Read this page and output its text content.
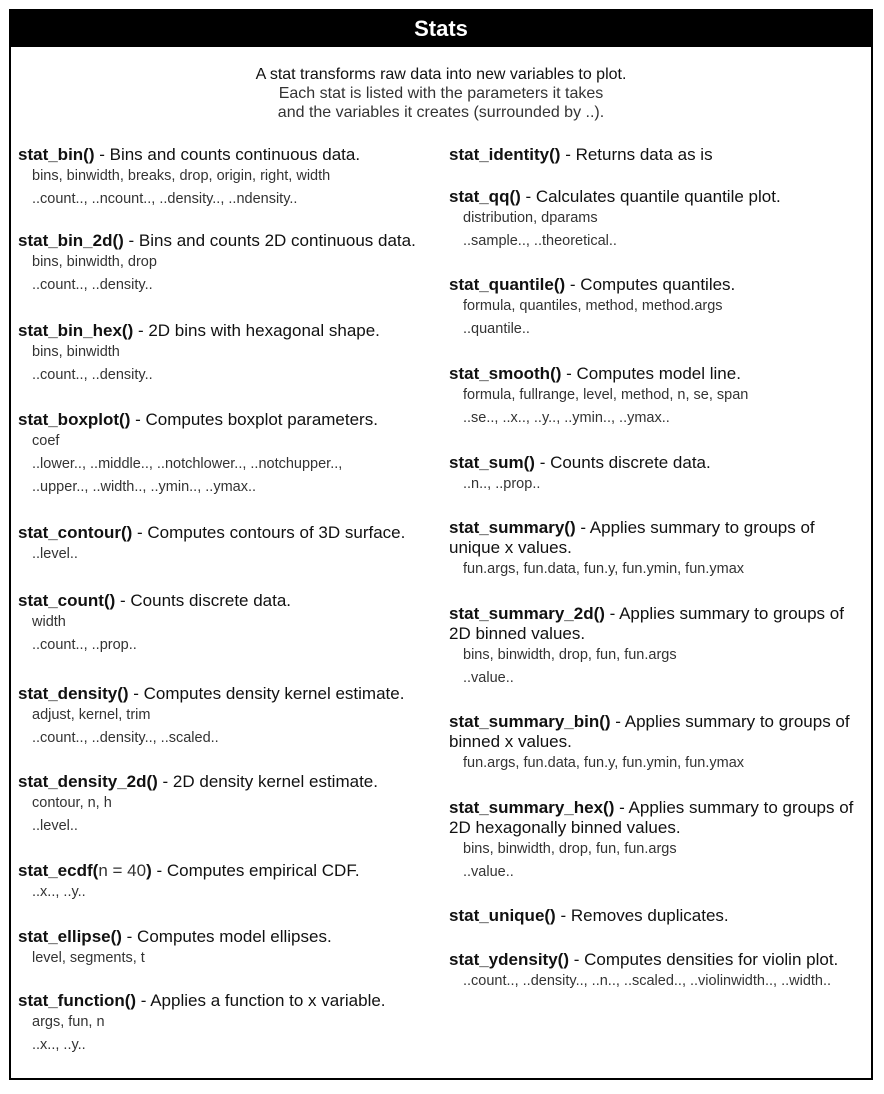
Stats
A stat transforms raw data into new variables to plot.
Each stat is listed with the parameters it takes
and the variables it creates (surrounded by ..).
stat_bin() - Bins and counts continuous data.
bins, binwidth, breaks, drop, origin, right, width
..count.., ..ncount.., ..density.., ..ndensity..
stat_bin_2d() - Bins and counts 2D continuous data.
bins, binwidth, drop
..count.., ..density..
stat_bin_hex() - 2D bins with hexagonal shape.
bins, binwidth
..count.., ..density..
stat_boxplot() - Computes boxplot parameters.
coef
..lower.., ..middle.., ..notchlower.., ..notchupper..,
..upper.., ..width.., ..ymin.., ..ymax..
stat_contour() - Computes contours of 3D surface.
..level..
stat_count() - Counts discrete data.
width
..count.., ..prop..
stat_density() - Computes density kernel estimate.
adjust, kernel, trim
..count.., ..density.., ..scaled..
stat_density_2d() - 2D density kernel estimate.
contour, n, h
..level..
stat_ecdf(n = 40) - Computes empirical CDF.
..x.., ..y..
stat_ellipse() - Computes model ellipses.
level, segments, t
stat_function() - Applies a function to x variable.
args, fun, n
..x.., ..y..
stat_identity() - Returns data as is
stat_qq() - Calculates quantile quantile plot.
distribution, dparams
..sample.., ..theoretical..
stat_quantile() - Computes quantiles.
formula, quantiles, method, method.args
..quantile..
stat_smooth() - Computes model line.
formula, fullrange, level, method, n, se, span
..se.., ..x.., ..y.., ..ymin.., ..ymax..
stat_sum() - Counts discrete data.
..n.., ..prop..
stat_summary() - Applies summary to groups of unique x values.
fun.args, fun.data, fun.y, fun.ymin, fun.ymax
stat_summary_2d() - Applies summary to groups of 2D binned values.
bins, binwidth, drop, fun, fun.args
..value..
stat_summary_bin() - Applies summary to groups of binned x values.
fun.args, fun.data, fun.y, fun.ymin, fun.ymax
stat_summary_hex() - Applies summary to groups of 2D hexagonally binned values.
bins, binwidth, drop, fun, fun.args
..value..
stat_unique() - Removes duplicates.
stat_ydensity() - Computes densities for violin plot.
..count.., ..density.., ..n.., ..scaled.., ..violinwidth.., ..width..
